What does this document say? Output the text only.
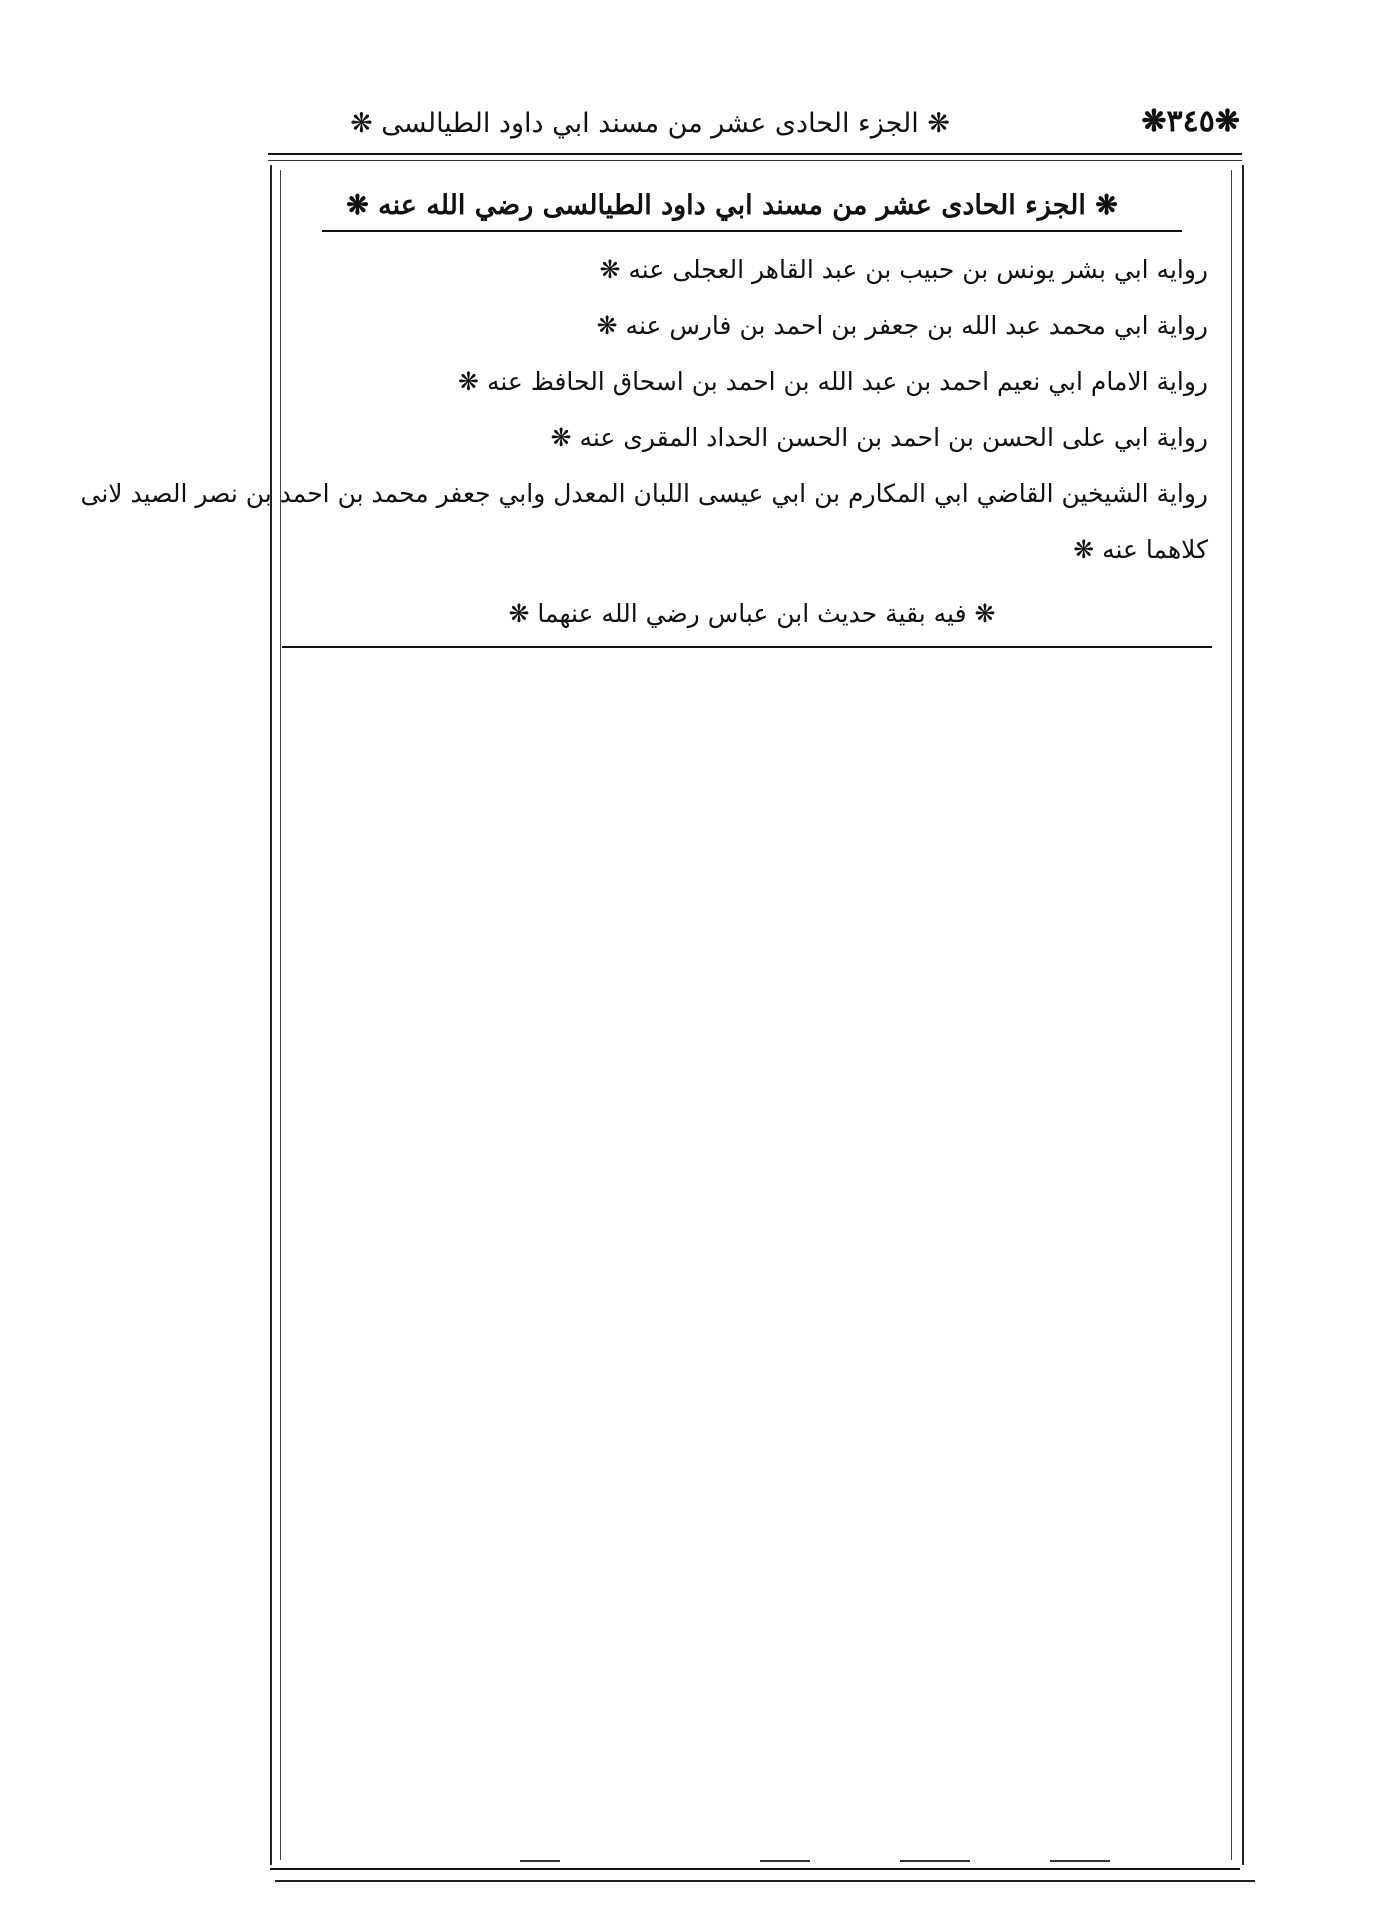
❋٣٤٥❋
❋ الجزء الحادى عشر من مسند ابي داود الطيالسى ❋
❋ الجزء الحادى عشر من مسند ابي داود الطيالسى رضي الله عنه ❋
روايه ابي بشر يونس بن حبيب بن عبد القاهر العجلى عنه ❋
رواية ابي محمد عبد الله بن جعفر بن احمد بن فارس عنه ❋
رواية الامام ابي نعيم احمد بن عبد الله بن احمد بن اسحاق الحافظ عنه ❋
رواية ابي على الحسن بن احمد بن الحسن الحداد المقرى عنه ❋
رواية الشيخين القاضي ابي المكارم بن ابي عيسى اللبان المعدل وابي جعفر محمد بن احمد بن نصر الصيد لانى
كلاهما عنه ❋
❋ فيه بقية حديث ابن عباس رضي الله عنهما ❋
